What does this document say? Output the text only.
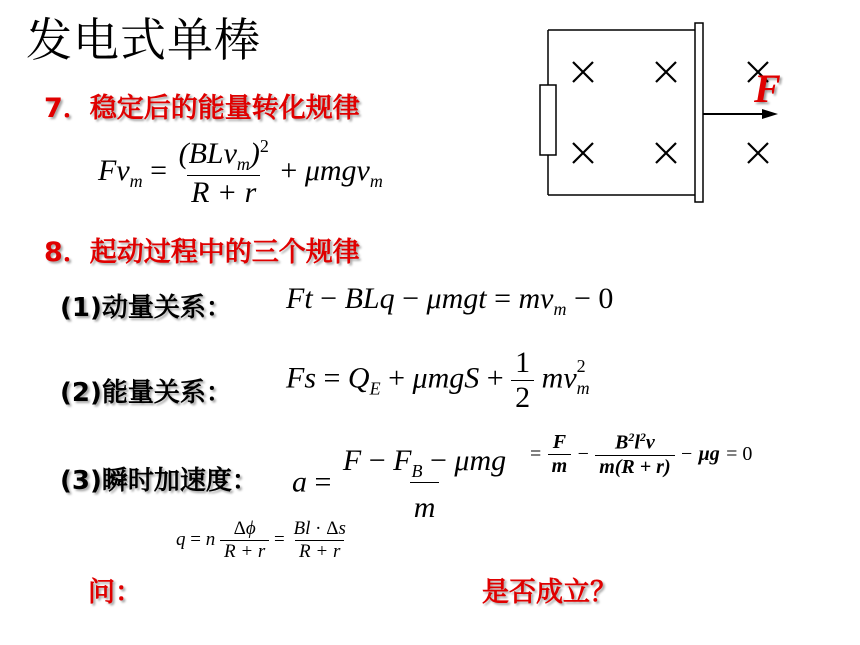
发电式单棒
7．稳定后的能量转化规律
$Fv_m = \frac{(BLv_m)^2}{R + r} + \mu mgv_m$
8．起动过程中的三个规律
(1)动量关系： Ft − BLq − $\mu mgt = mv_m - 0$
(2)能量关系： $Fs = Q_E + \mu mgS + \frac{1}{2}$ mv $_{2 m}$
(3)瞬时加速度： $a = \frac{F - F_B - \mu mg}{m} = \frac{F}{m} - \frac{B^2l^2v}{m(R + r)} - \mu g = 0$
q = n $\frac{\Delta\phi}{R + r} = \frac{Bl \cdot \Delta s}{R + r}$
问：	是否成立？
F
